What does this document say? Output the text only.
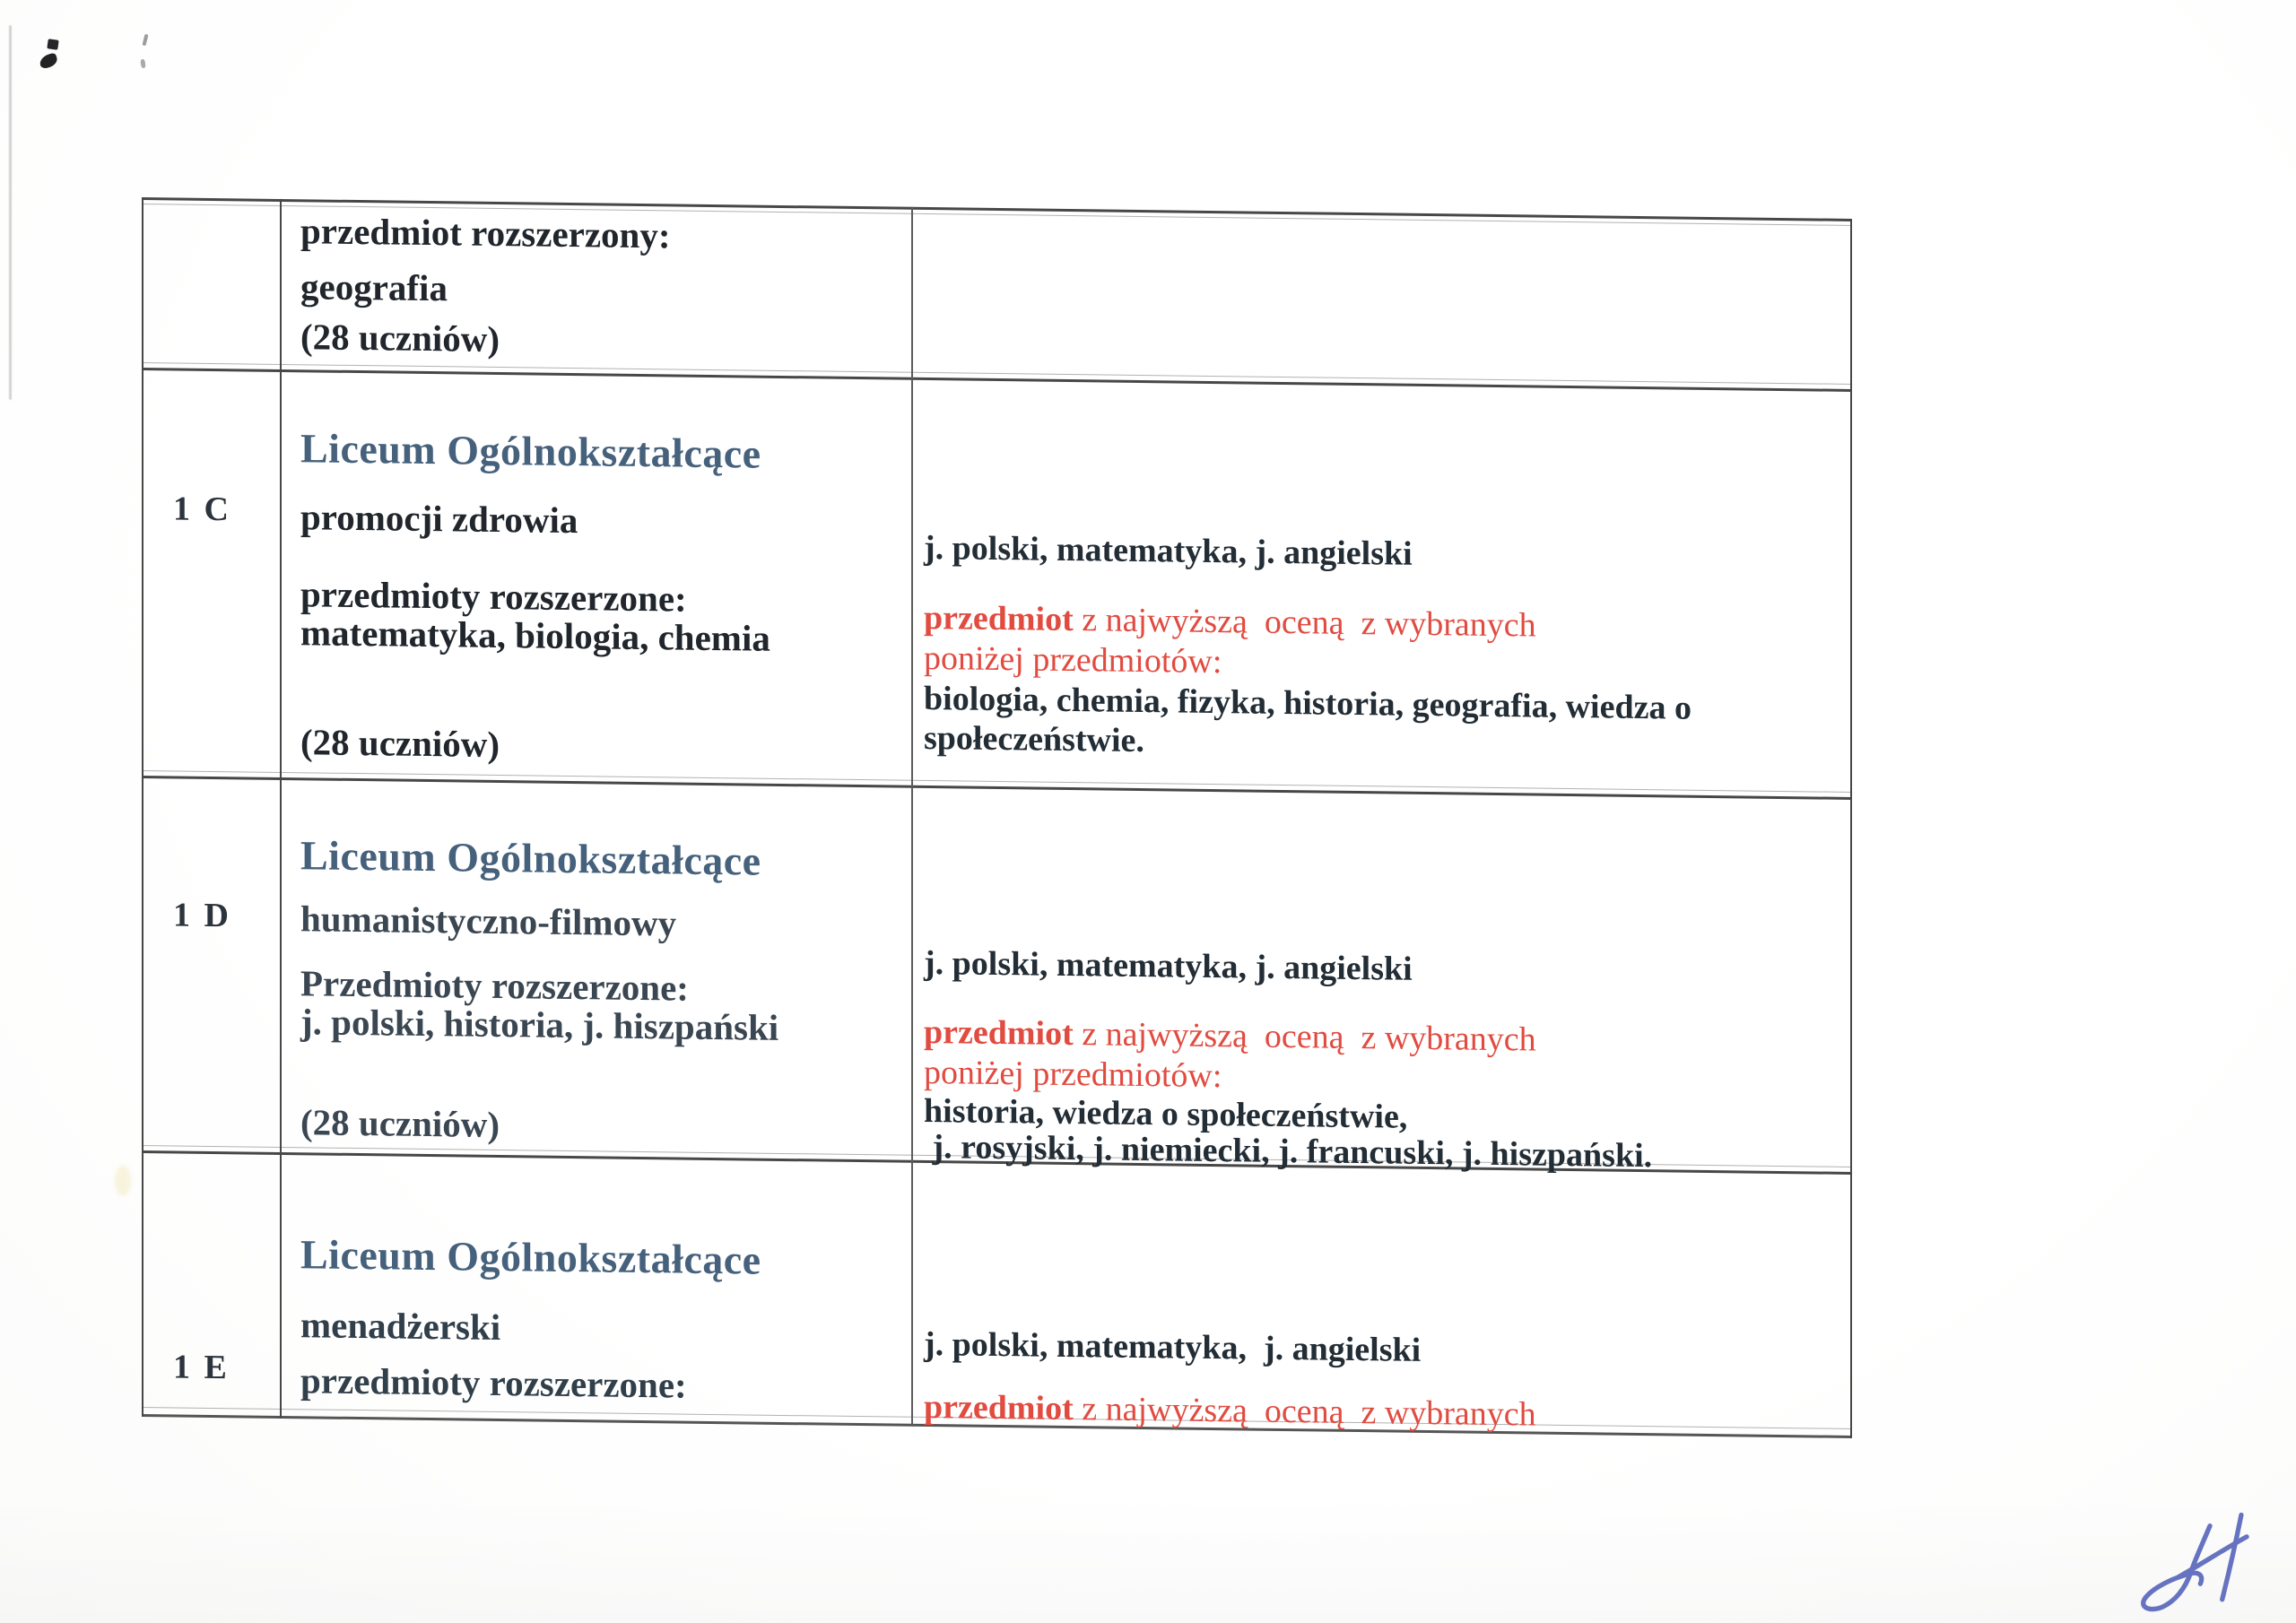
przedmiot rozszerzony:
geografia
(28 uczniów)
1 C
Liceum Ogólnokształcące
promocji zdrowia
przedmioty rozszerzone:
matematyka, biologia, chemia
(28 uczniów)
j. polski, matematyka, j. angielski
przedmiot z najwyższą  oceną  z wybranych
poniżej przedmiotów:
biologia, chemia, fizyka, historia, geografia, wiedza o
społeczeństwie.
1 D
Liceum Ogólnokształcące
humanistyczno-filmowy
Przedmioty rozszerzone:
j. polski, historia, j. hiszpański
(28 uczniów)
j. polski, matematyka, j. angielski
przedmiot z najwyższą  oceną  z wybranych
poniżej przedmiotów:
historia, wiedza o społeczeństwie,
j. rosyjski, j. niemiecki, j. francuski, j. hiszpański.
1 E
Liceum Ogólnokształcące
menadżerski
przedmioty rozszerzone:
j. polski, matematyka,  j. angielski
przedmiot z najwyższą  oceną  z wybranych
